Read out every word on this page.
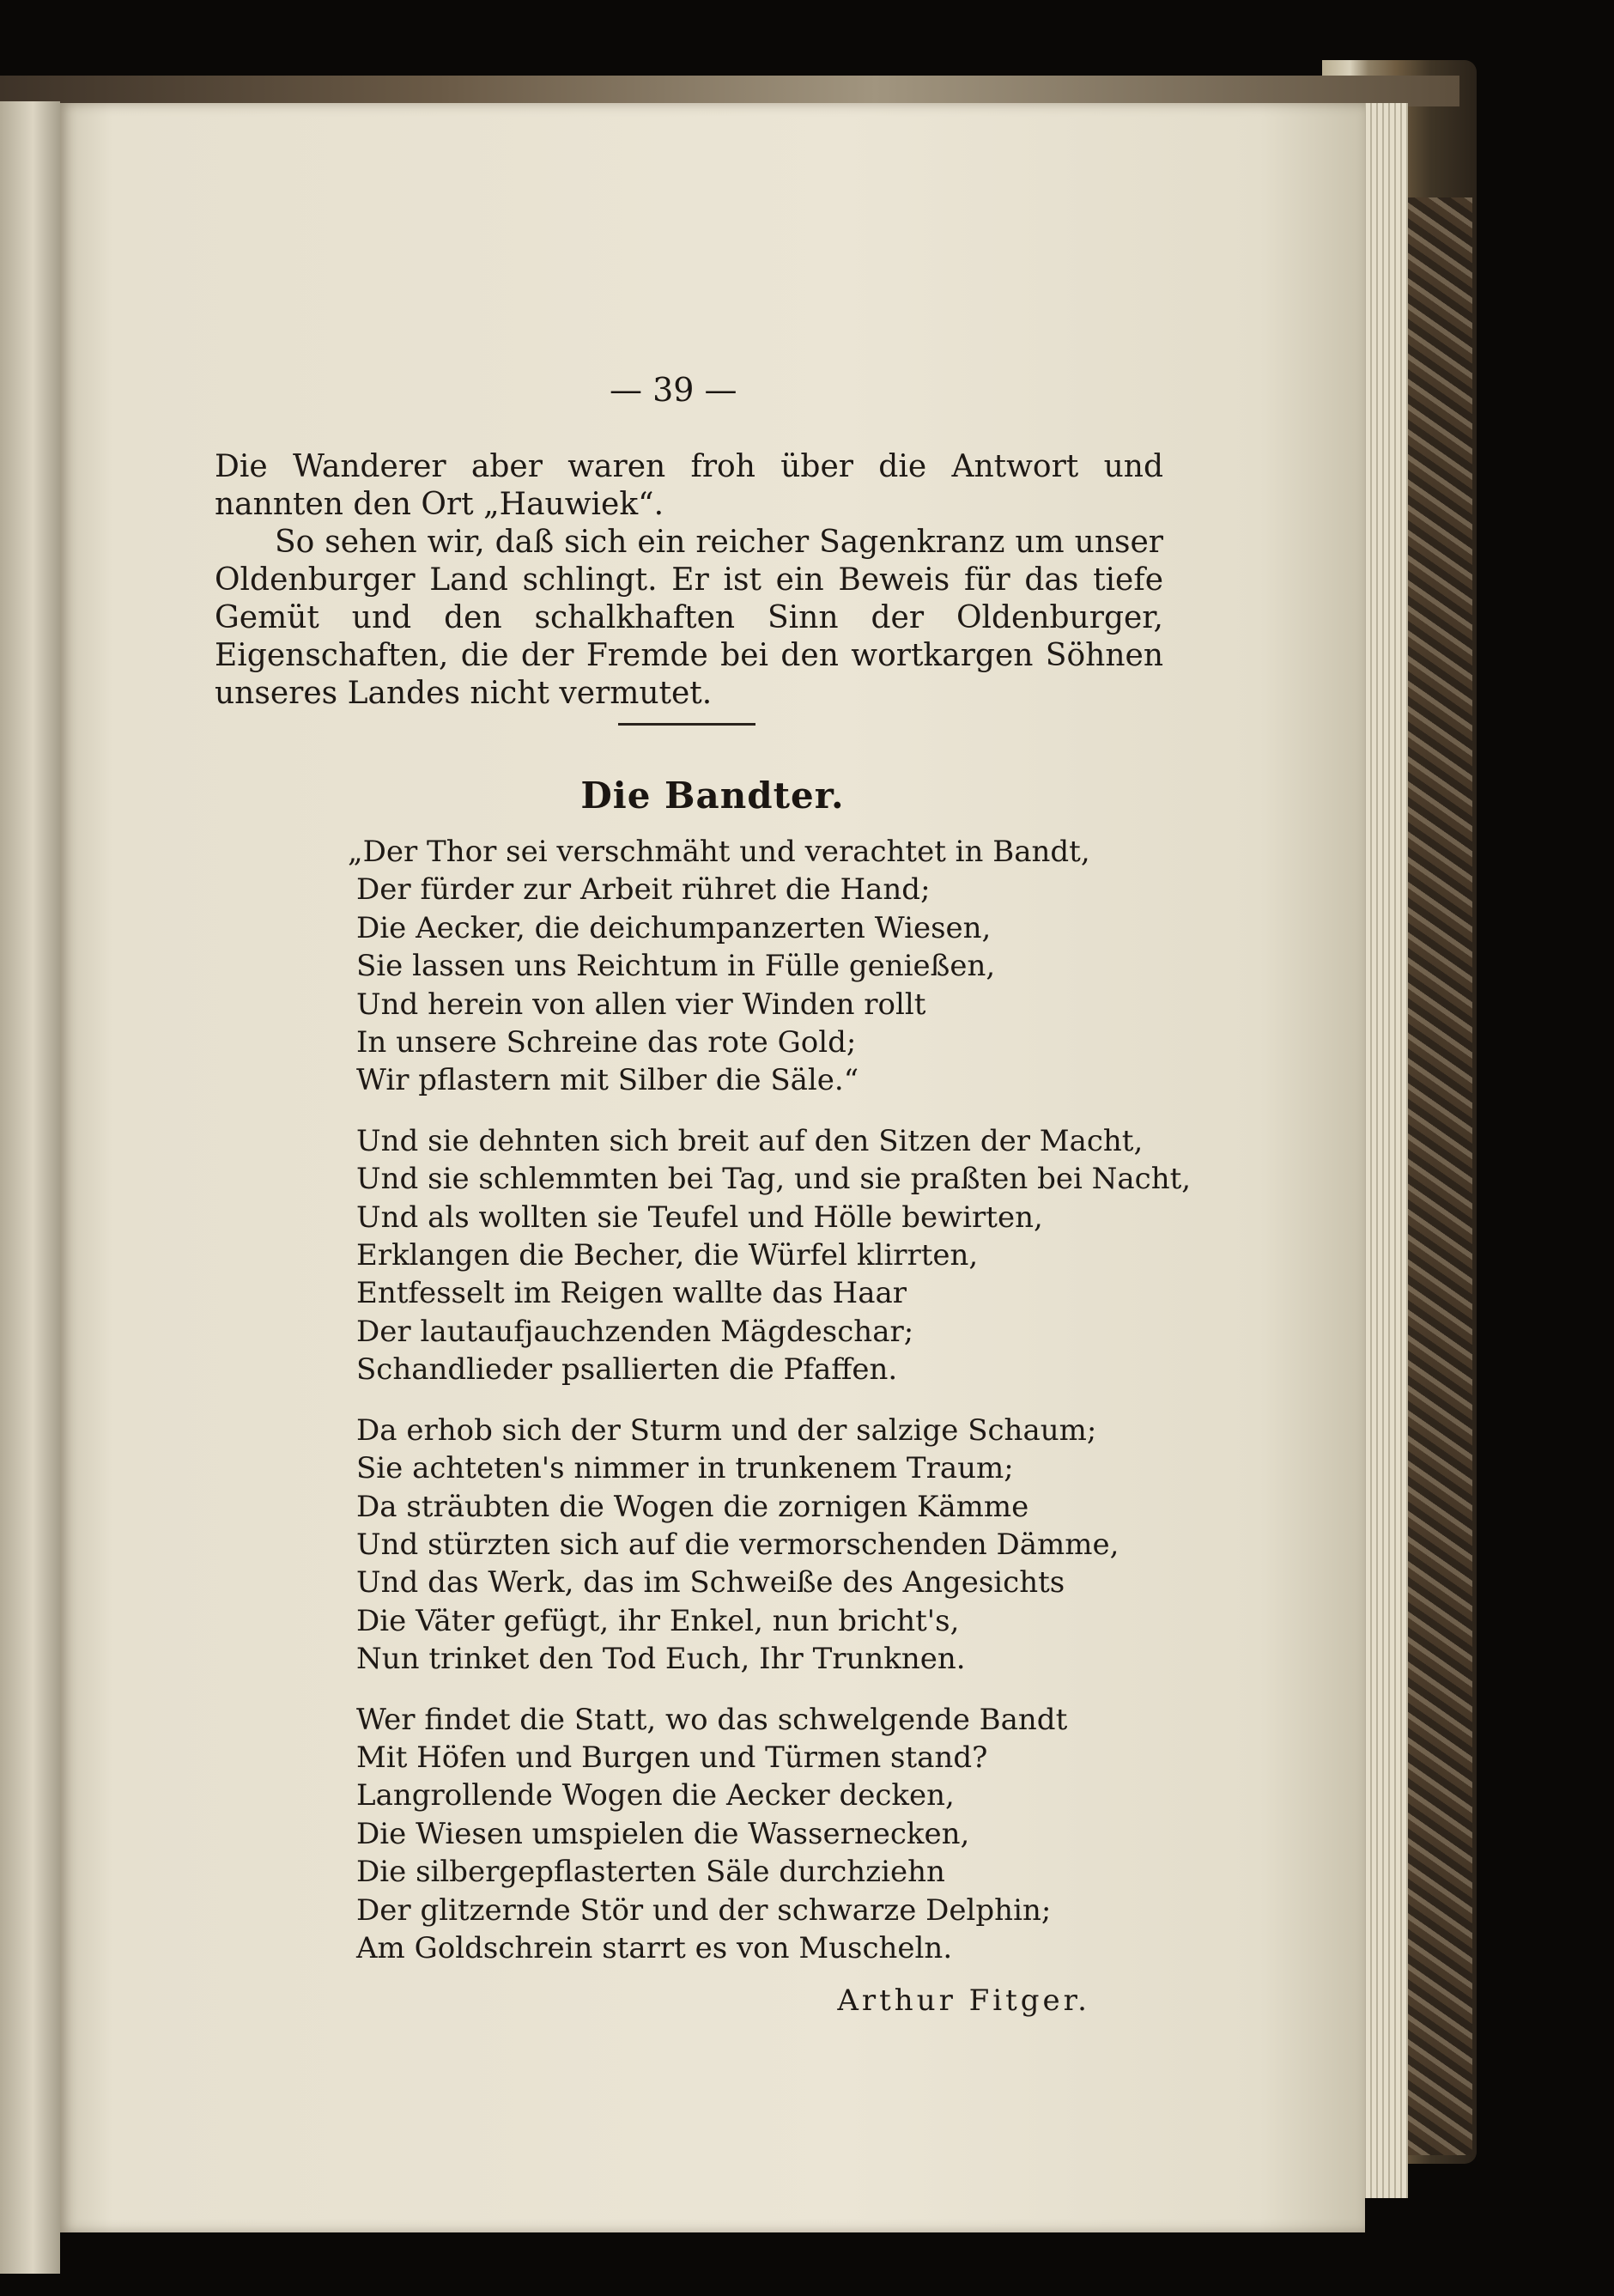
— 39 —

Die Wanderer aber waren froh über die Antwort und nannten den Ort „Hauwiek“.

So sehen wir, daß sich ein reicher Sagenkranz um unser Oldenburger Land schlingt. Er ist ein Beweis für das tiefe Gemüt und den schalkhaften Sinn der Oldenburger, Eigenschaften, die der Fremde bei den wortkargen Söhnen unseres Landes nicht vermutet.

Die Bandter.
„Der Thor sei verschmäht und verachtet in Bandt,
Der fürder zur Arbeit rühret die Hand;
Die Aecker, die deichumpanzerten Wiesen,
Sie lassen uns Reichtum in Fülle genießen,
Und herein von allen vier Winden rollt
In unsere Schreine das rote Gold;
Wir pflastern mit Silber die Säle.“
Und sie dehnten sich breit auf den Sitzen der Macht,
Und sie schlemmten bei Tag, und sie praßten bei Nacht,
Und als wollten sie Teufel und Hölle bewirten,
Erklangen die Becher, die Würfel klirrten,
Entfesselt im Reigen wallte das Haar
Der lautaufjauchzenden Mägdeschar;
Schandlieder psallierten die Pfaffen.
Da erhob sich der Sturm und der salzige Schaum;
Sie achteten's nimmer in trunkenem Traum;
Da sträubten die Wogen die zornigen Kämme
Und stürzten sich auf die vermorschenden Dämme,
Und das Werk, das im Schweiße des Angesichts
Die Väter gefügt, ihr Enkel, nun bricht's,
Nun trinket den Tod Euch, Ihr Trunknen.
Wer findet die Statt, wo das schwelgende Bandt
Mit Höfen und Burgen und Türmen stand?
Langrollende Wogen die Aecker decken,
Die Wiesen umspielen die Wassernecken,
Die silbergepflasterten Säle durchziehn
Der glitzernde Stör und der schwarze Delphin;
Am Goldschrein starrt es von Muscheln.
Arthur Fitger.
